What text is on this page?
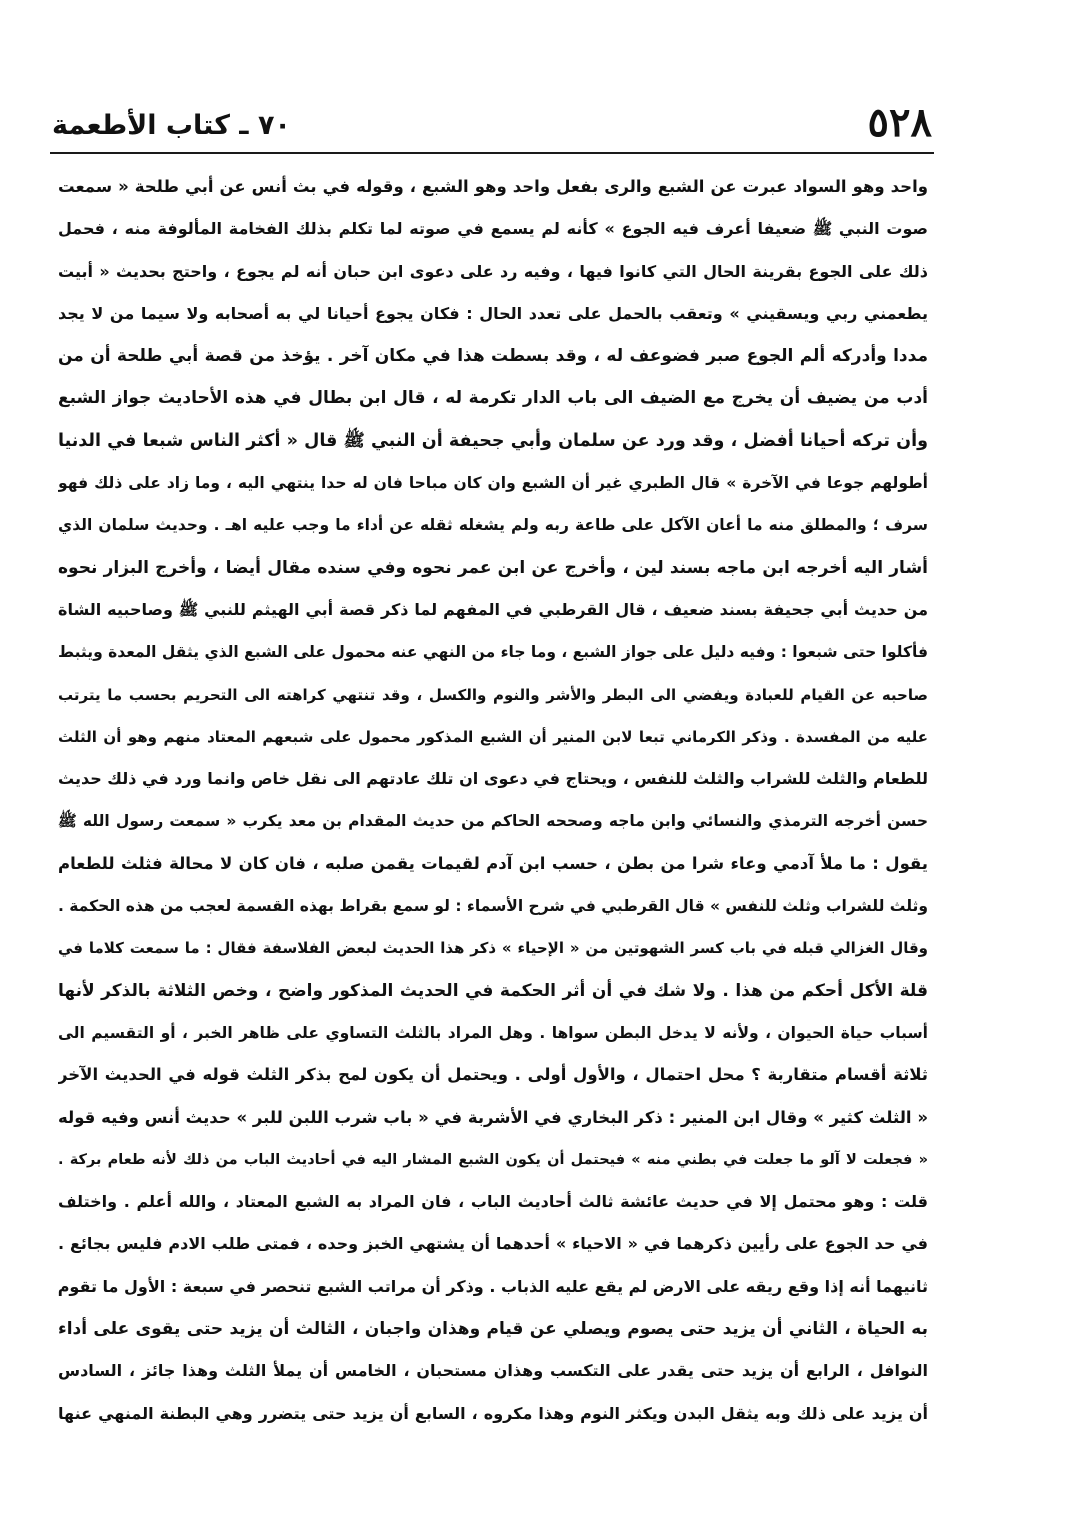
٥٢٨
٧٠ ـ كتاب الأطعمة
واحد وهو السواد عبرت عن الشبع والرى بفعل واحد وهو الشبع ، وقوله في بث أنس عن أبي طلحة « سمعت
صوت النبي ﷺ ضعيفا أعرف فيه الجوع » كأنه لم يسمع في صوته لما تكلم بذلك الفخامة المألوفة منه ، فحمل
ذلك على الجوع بقرينة الحال التي كانوا فيها ، وفيه رد على دعوى ابن حبان أنه لم يجوع ، واحتج بحديث « أبيت
يطعمني ربي ويسقيني » وتعقب بالحمل على تعدد الحال : فكان يجوع أحيانا لي به أصحابه ولا سيما من لا يجد
مددا وأدركه ألم الجوع صبر فضوعف له ، وقد بسطت هذا في مكان آخر . يؤخذ من قصة أبي طلحة أن من
أدب من يضيف أن يخرج مع الضيف الى باب الدار تكرمة له ، قال ابن بطال في هذه الأحاديث جواز الشبع
وأن تركه أحيانا أفضل ، وقد ورد عن سلمان وأبي جحيفة أن النبي ﷺ قال « أكثر الناس شبعا في الدنيا
أطولهم جوعا في الآخرة » قال الطبري غير أن الشبع وان كان مباحا فان له حدا ينتهي اليه ، وما زاد على ذلك فهو
سرف ؛ والمطلق منه ما أعان الآكل على طاعة ربه ولم يشغله ثقله عن أداء ما وجب عليه اهـ . وحديث سلمان الذي
أشار اليه أخرجه ابن ماجه بسند لين ، وأخرج عن ابن عمر نحوه وفي سنده مقال أيضا ، وأخرج البزار نحوه
من حديث أبي جحيفة بسند ضعيف ، قال القرطبي في المفهم لما ذكر قصة أبي الهيثم للنبي ﷺ وصاحبيه الشاة
فأكلوا حتى شبعوا : وفيه دليل على جواز الشبع ، وما جاء من النهي عنه محمول على الشبع الذي يثقل المعدة ويثبط
صاحبه عن القيام للعبادة ويفضي الى البطر والأشر والنوم والكسل ، وقد تنتهي كراهته الى التحريم بحسب ما يترتب
عليه من المفسدة . وذكر الكرماني تبعا لابن المنير أن الشبع المذكور محمول على شبعهم المعتاد منهم وهو أن الثلث
للطعام والثلث للشراب والثلث للنفس ، ويحتاج في دعوى ان تلك عادتهم الى نقل خاص وانما ورد في ذلك حديث
حسن أخرجه الترمذي والنسائي وابن ماجه وصححه الحاكم من حديث المقدام بن معد يكرب « سمعت رسول الله ﷺ
يقول : ما ملأ آدمي وعاء شرا من بطن ، حسب ابن آدم لقيمات يقمن صلبه ، فان كان لا محالة فثلث للطعام
وثلث للشراب وثلث للنفس » قال القرطبي في شرح الأسماء : لو سمع بقراط بهذه القسمة لعجب من هذه الحكمة .
وقال الغزالي قبله في باب كسر الشهوتين من « الإحياء » ذكر هذا الحديث لبعض الفلاسفة فقال : ما سمعت كلاما في
قلة الأكل أحكم من هذا . ولا شك في أن أثر الحكمة في الحديث المذكور واضح ، وخص الثلاثة بالذكر لأنها
أسباب حياة الحيوان ، ولأنه لا يدخل البطن سواها . وهل المراد بالثلث التساوي على ظاهر الخبر ، أو التقسيم الى
ثلاثة أقسام متقاربة ؟ محل احتمال ، والأول أولى . ويحتمل أن يكون لمح بذكر الثلث قوله في الحديث الآخر
« الثلث كثير » وقال ابن المنير : ذكر البخاري في الأشربة في « باب شرب اللبن للبر » حديث أنس وفيه قوله
« فجعلت لا آلو ما جعلت في بطني منه » فيحتمل أن يكون الشبع المشار اليه في أحاديث الباب من ذلك لأنه طعام بركة .
قلت : وهو محتمل إلا في حديث عائشة ثالث أحاديث الباب ، فان المراد به الشبع المعتاد ، والله أعلم . واختلف
في حد الجوع على رأيين ذكرهما في « الاحياء » أحدهما أن يشتهي الخبز وحده ، فمتى طلب الادم فليس بجائع .
ثانيهما أنه إذا وقع ريقه على الارض لم يقع عليه الذباب . وذكر أن مراتب الشبع تنحصر في سبعة : الأول ما تقوم
به الحياة ، الثاني أن يزيد حتى يصوم ويصلي عن قيام وهذان واجبان ، الثالث أن يزيد حتى يقوى على أداء
النوافل ، الرابع أن يزيد حتى يقدر على التكسب وهذان مستحبان ، الخامس أن يملأ الثلث وهذا جائز ، السادس
أن يزيد على ذلك وبه يثقل البدن ويكثر النوم وهذا مكروه ، السابع أن يزيد حتى يتضرر وهي البطنة المنهي عنها
